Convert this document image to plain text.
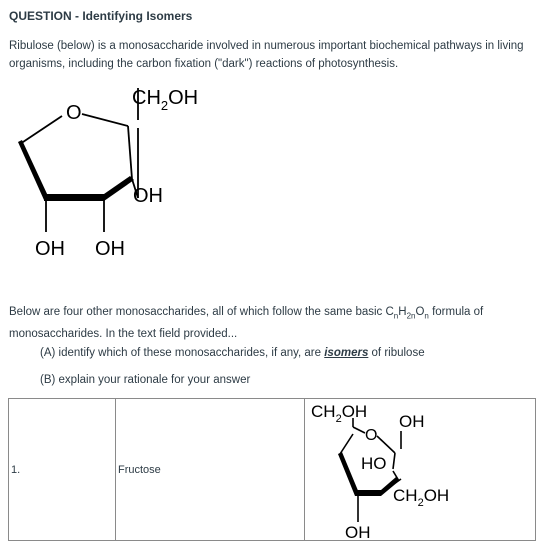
QUESTION - Identifying Isomers
Ribulose (below) is a monosaccharide involved in numerous important biochemical pathways in living organisms, including the carbon fixation ("dark") reactions of photosynthesis.
O
$CH_2OH$
OH
OH OH
Below are four other monosaccharides, all of which follow the same basic $C_nH_{2n}O_n$ formula of monosaccharides. In the text field provided...
(A) identify which of these monosaccharides, if any, are isomers of ribulose
(B) explain your rationale for your answer
1.	Fructose	
$CH_2OH$
OH
O
HO
$CH_2OH$
OH
